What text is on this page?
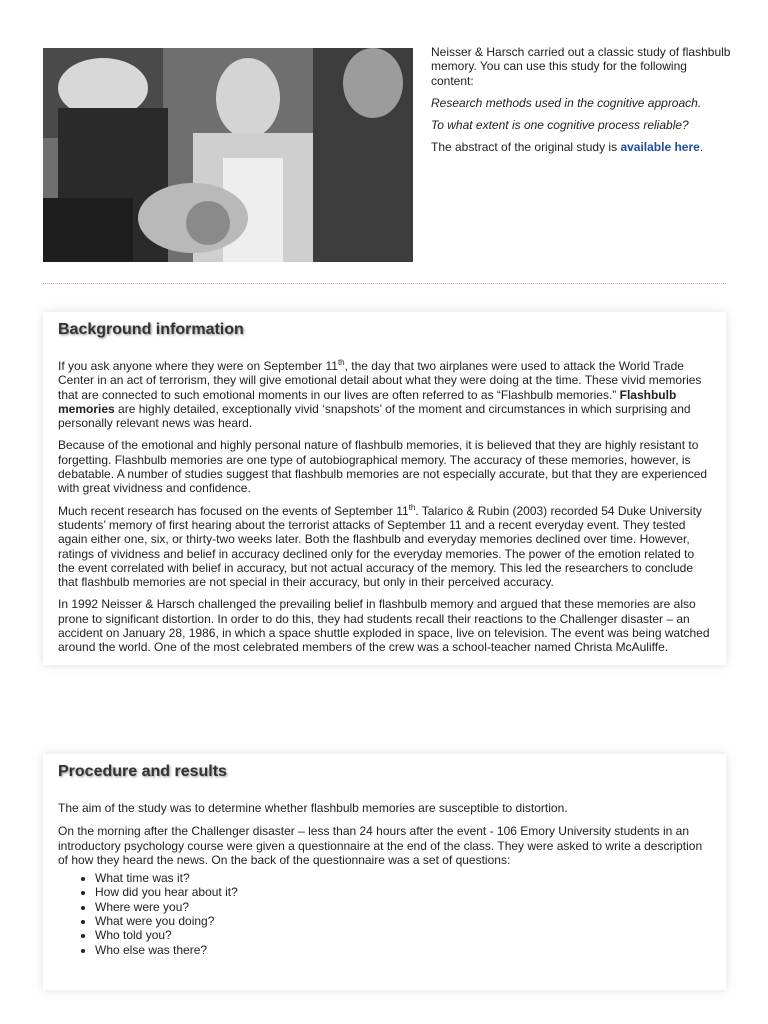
Neisser & Harsch carried out a classic study of flashbulb memory. You can use this study for the following content:

Research methods used in the cognitive approach.

To what extent is one cognitive process reliable?

The abstract of the original study is available here.

Background information

If you ask anyone where they were on September 11th, the day that two airplanes were used to attack the World Trade Center in an act of terrorism, they will give emotional detail about what they were doing at the time. These vivid memories that are connected to such emotional moments in our lives are often referred to as “Flashbulb memories.” Flashbulb memories are highly detailed, exceptionally vivid ‘snapshots’ of the moment and circumstances in which surprising and personally relevant news was heard.

Because of the emotional and highly personal nature of flashbulb memories, it is believed that they are highly resistant to forgetting. Flashbulb memories are one type of autobiographical memory. The accuracy of these memories, however, is debatable. A number of studies suggest that flashbulb memories are not especially accurate, but that they are experienced with great vividness and confidence.

Much recent research has focused on the events of September 11th. Talarico & Rubin (2003) recorded 54 Duke University students’ memory of first hearing about the terrorist attacks of September 11 and a recent everyday event. They tested again either one, six, or thirty-two weeks later. Both the flashbulb and everyday memories declined over time. However, ratings of vividness and belief in accuracy declined only for the everyday memories. The power of the emotion related to the event correlated with belief in accuracy, but not actual accuracy of the memory. This led the researchers to conclude that flashbulb memories are not special in their accuracy, but only in their perceived accuracy.

In 1992 Neisser & Harsch challenged the prevailing belief in flashbulb memory and argued that these memories are also prone to significant distortion. In order to do this, they had students recall their reactions to the Challenger disaster – an accident on January 28, 1986, in which a space shuttle exploded in space, live on television. The event was being watched around the world. One of the most celebrated members of the crew was a school-teacher named Christa McAuliffe.

Procedure and results

The aim of the study was to determine whether flashbulb memories are susceptible to distortion.

On the morning after the Challenger disaster – less than 24 hours after the event - 106 Emory University students in an introductory psychology course were given a questionnaire at the end of the class. They were asked to write a description of how they heard the news. On the back of the questionnaire was a set of questions:

• What time was it?
• How did you hear about it?
• Where were you?
• What were you doing?
• Who told you?
• Who else was there?
